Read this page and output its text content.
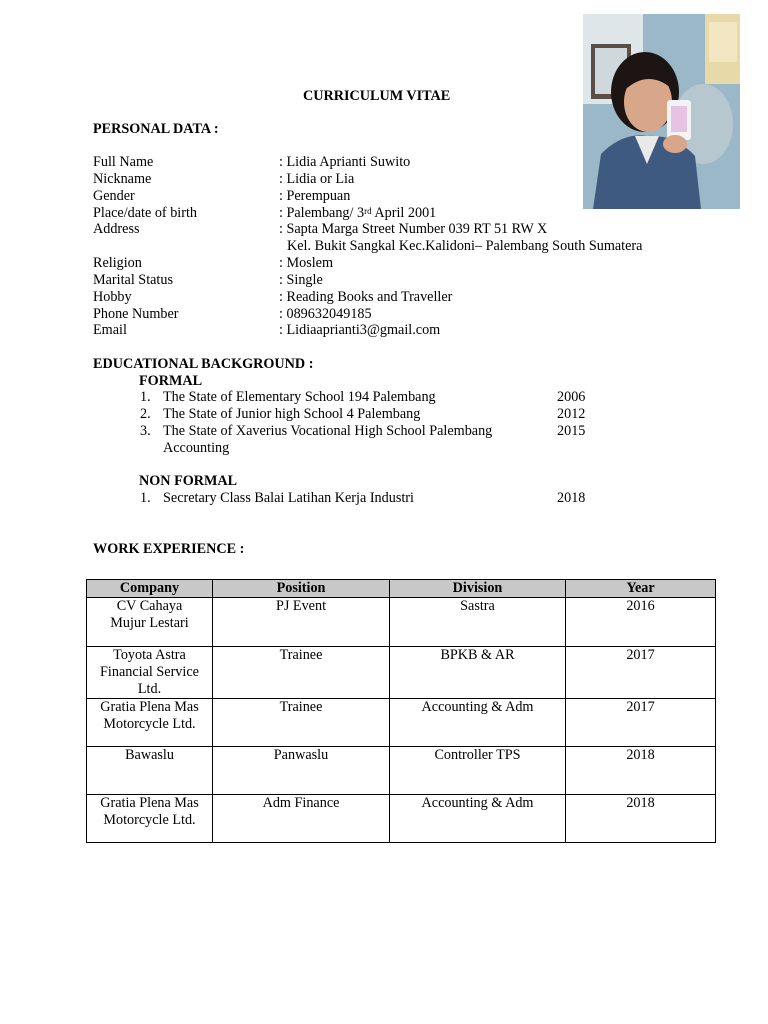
CURRICULUM VITAE
PERSONAL DATA :
Full Name	: Lidia Aprianti Suwito
Nickname	: Lidia or Lia
Gender	: Perempuan
Place/date of birth	: Palembang/ 3rd April 2001
Address	: Sapta Marga Street Number 039 RT 51 RW X
Kel. Bukit Sangkal Kec.Kalidoni– Palembang South Sumatera
Religion	: Moslem
Marital Status	: Single
Hobby	: Reading Books and Traveller
Phone Number	: 089632049185
Email	: Lidiaaprianti3@gmail.com
EDUCATIONAL BACKGROUND :
FORMAL
1. The State of Elementary School 194 Palembang	2006
2. The State of Junior high School 4 Palembang	2012
3. The State of Xaverius Vocational High School Palembang	2015
Accounting
NON FORMAL
1. Secretary Class Balai Latihan Kerja Industri	2018
WORK EXPERIENCE :
Company	Position	Division	Year
CV Cahaya
Mujur Lestari	PJ Event	Sastra	2016
Toyota Astra
Financial Service
Ltd.	Trainee	BPKB & AR	2017
Gratia Plena Mas
Motorcycle Ltd.	Trainee	Accounting & Adm	2017
Bawaslu	Panwaslu	Controller TPS	2018
Gratia Plena Mas
Motorcycle Ltd.	Adm Finance	Accounting & Adm	2018
